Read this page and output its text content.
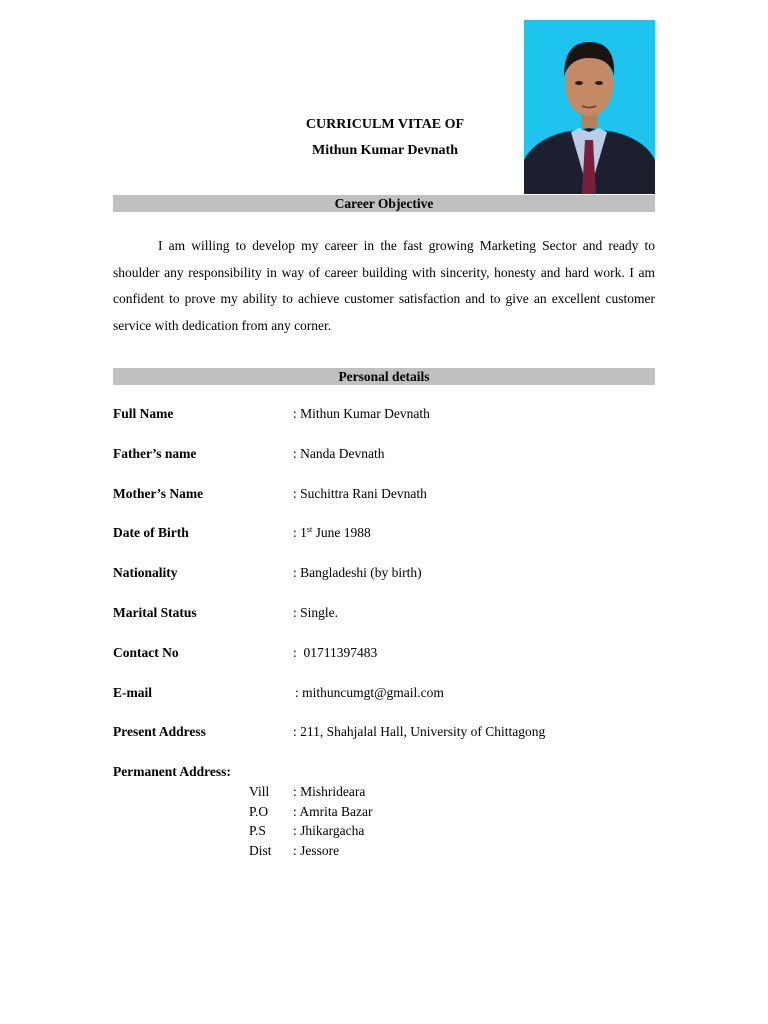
CURRICULM VITAE OF
Mithun Kumar Devnath
Career Objective
I am willing to develop my career in the fast growing Marketing Sector and ready to shoulder any responsibility in way of career building with sincerity, honesty and hard work. I am confident to prove my ability to achieve customer satisfaction and to give an excellent customer service with dedication from any corner.
Personal details
Full Name	: Mithun Kumar Devnath
Father’s name	: Nanda Devnath
Mother’s Name	: Suchittra Rani Devnath
Date of Birth	: 1st June 1988
Nationality	: Bangladeshi (by birth)
Marital Status	: Single.
Contact No	:  01711397483
E-mail	: mithuncumgt@gmail.com
Present Address	: 211, Shahjalal Hall, University of Chittagong
Permanent Address:
Vill : Mishrideara
P.O : Amrita Bazar
P.S : Jhikargacha
Dist : Jessore
